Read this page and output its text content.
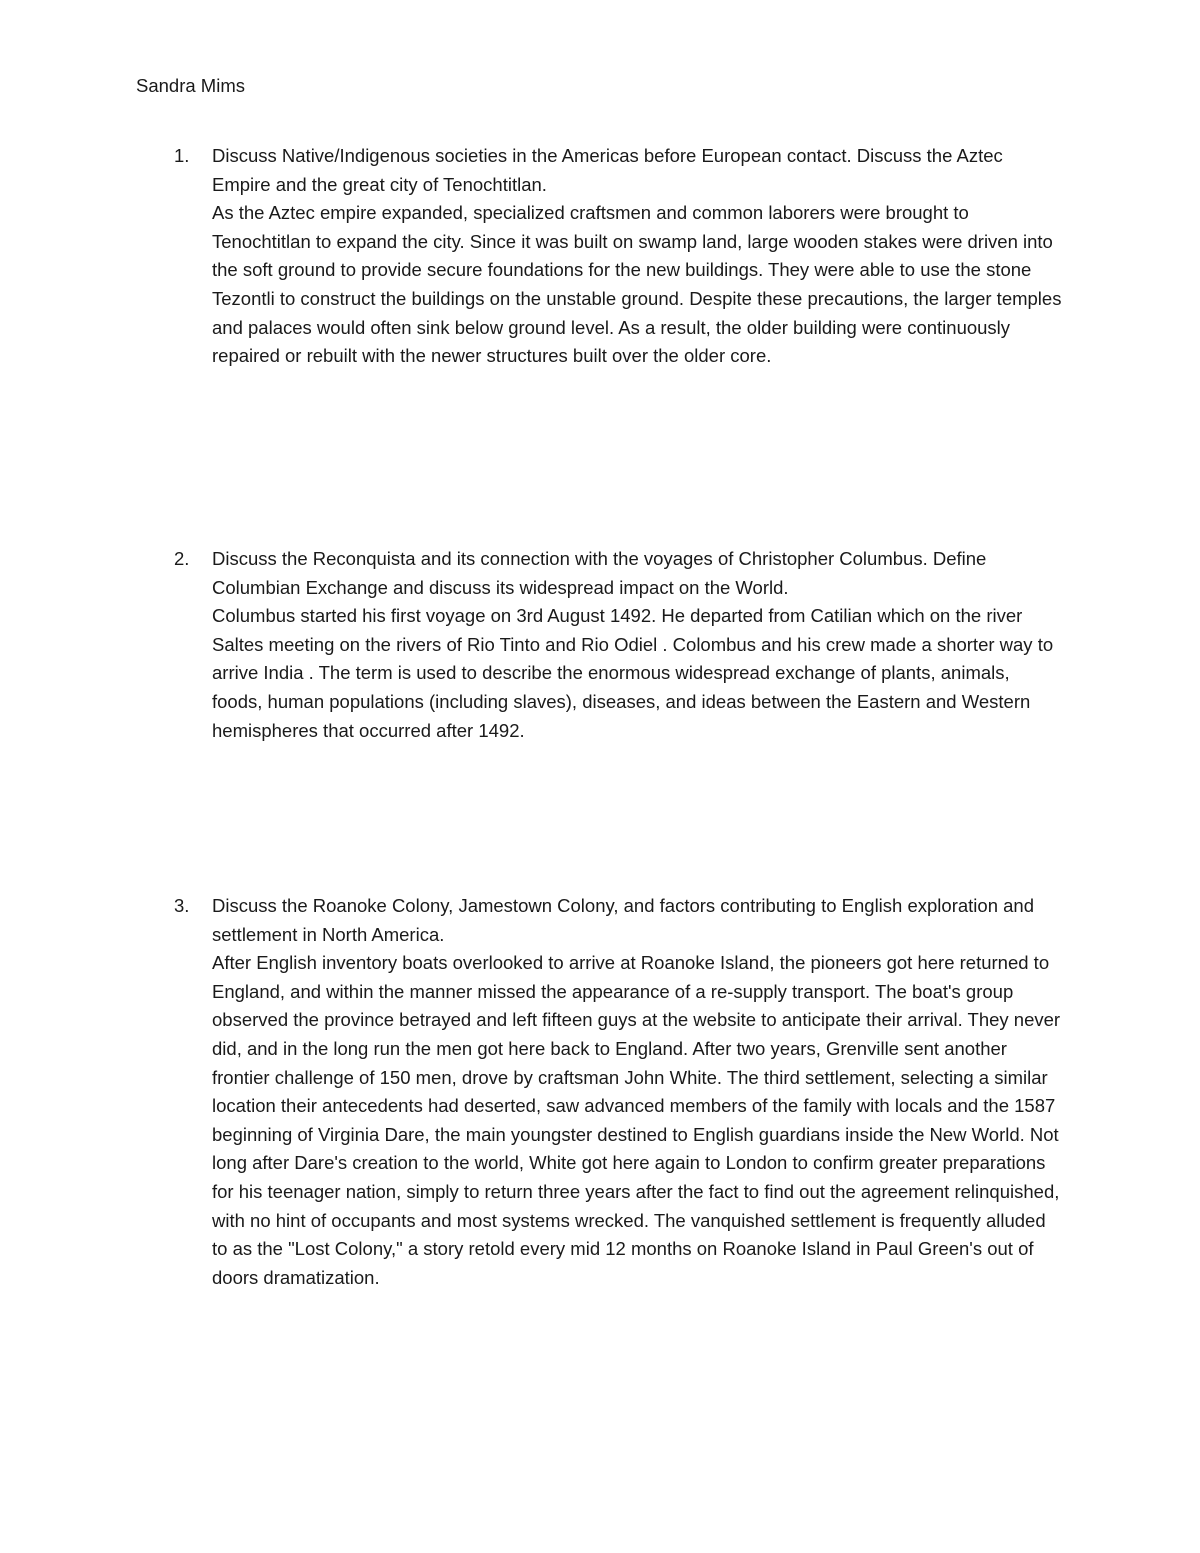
Sandra Mims

1. Discuss Native/Indigenous societies in the Americas before European contact. Discuss the Aztec Empire and the great city of Tenochtitlan.
As the Aztec empire expanded, specialized craftsmen and common laborers were brought to Tenochtitlan to expand the city. Since it was built on swamp land, large wooden stakes were driven into the soft ground to provide secure foundations for the new buildings. They were able to use the stone Tezontli to construct the buildings on the unstable ground. Despite these precautions, the larger temples and palaces would often sink below ground level. As a result, the older building were continuously repaired or rebuilt with the newer structures built over the older core.
2. Discuss the Reconquista and its connection with the voyages of Christopher Columbus. Define Columbian Exchange and discuss its widespread impact on the World.
Columbus started his first voyage on 3rd August 1492. He departed from Catilian which on the river Saltes meeting on the rivers of Rio Tinto and Rio Odiel . Colombus and his crew made a shorter way to arrive India . The term is used to describe the enormous widespread exchange of plants, animals, foods, human populations (including slaves), diseases, and ideas between the Eastern and Western hemispheres that occurred after 1492.
3. Discuss the Roanoke Colony, Jamestown Colony, and factors contributing to English exploration and settlement in North America.
After English inventory boats overlooked to arrive at Roanoke Island, the pioneers got here returned to England, and within the manner missed the appearance of a re-supply transport. The boat's group observed the province betrayed and left fifteen guys at the website to anticipate their arrival. They never did, and in the long run the men got here back to England. After two years, Grenville sent another frontier challenge of 150 men, drove by craftsman John White. The third settlement, selecting a similar location their antecedents had deserted, saw advanced members of the family with locals and the 1587 beginning of Virginia Dare, the main youngster destined to English guardians inside the New World. Not long after Dare's creation to the world, White got here again to London to confirm greater preparations for his teenager nation, simply to return three years after the fact to find out the agreement relinquished, with no hint of occupants and most systems wrecked. The vanquished settlement is frequently alluded to as the "Lost Colony," a story retold every mid 12 months on Roanoke Island in Paul Green's out of doors dramatization.
